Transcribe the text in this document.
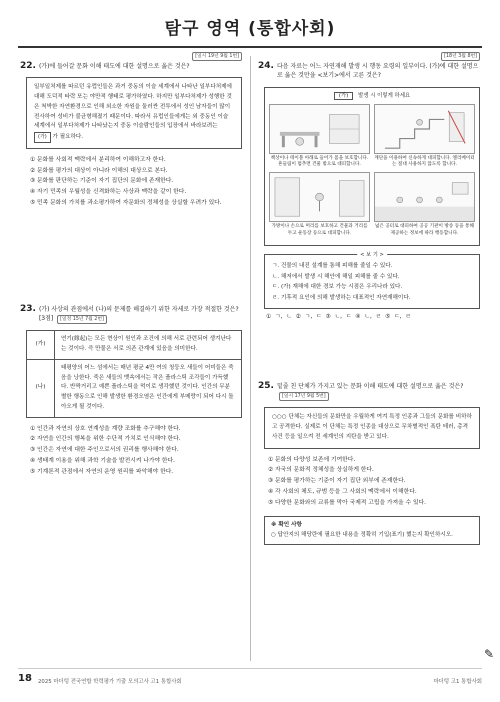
탐구 영역 (통합사회)
[일시 19년 9월 1번]
22. (가)에 들어갈 문화 이해 태도에 대한 설명으로 옳은 것은?
일부일처제를 따르던 유럽인들은 과거 중동의 이슬 세계에서 나타난 일부다처제에 대해 도덕적 타락 또는 야만적 행태로 평가하였다. 하지만 일부다처제가 성행한 것은 척박한 자연환경으로 인해 외소한 자원을 둘러싼 전투에서 성인 남자들이 많이 전사하여 성비가 불균형해졌기 때문이다. 따라서 유럽인들에게는 외 중동인 이슬 세계에서 일부다처제가 나타났는지 중동 이슬람인들의 입장에서 바라보려는 (가) 가 필요하다.
① 문화를 사회적 맥락에서 분리하여 이해하고자 한다.
② 문화를 평가의 대상이 아니라 이해의 대상으로 본다.
③ 문화를 판단하는 기준이 자기 집단의 문화에 존재한다.
④ 자기 민족의 우월성을 신격화하는 사상과 맥락을 같이 한다.
⑤ 민족 문화의 가치를 과소평가하여 자문화의 정체성을 상실할 우려가 있다.
23. (가) 사상의 관점에서 (나)의 문제를 해결하기 위한 자세로 가장 적절한 것은? [3점] [일정 15년 7월 2번]
(가)	연기(緣起)는 모든 현상이 원인과 조건에 의해 서로 관련되어 생겨난다는 것이다. 즉 만물은 서로 의존 관계에 있음을 의미한다.
(나)	태평양의 어느 섬에서는 매년 평균 4만 여의 청둥오 새들이 어미들은 죽음을 낭한다. 죽은 새들의 뱃속에서는 작은 플라스틱 조각들이 가득했다. 반짝거리고 예쁜 플라스틱을 먹이로 생각했던 것이다. 인간의 무분별한 행동으로 인해 발생한 환경오염은 인간에게 부메랑이 되어 다시 돌아오게 될 것이다.
① 인간과 자연의 상호 연계성을 계량 조화를 추구해야 한다.
② 자연을 인간의 행복을 위한 수단적 가치로 인식해야 한다.
③ 인간은 자연에 대한 주인으로서의 권리를 행사해야 한다.
④ 생태계 이용을 위해 과학 기술을 발전시켜 나가야 한다.
⑤ 기계론적 관점에서 자연의 운영 원리를 파악해야 한다.
[18년 3월 8번]
24. 다음 자료는 어느 자연재해 발생 시 행동 요령의 일부이다. (가)에 대한 설명으로 옳은 것만을 <보기>에서 고른 것은?
(가) 발생 시 이렇게 하세요
책상이나 테이블 아래로 들어가 몸을 보호합니다. 흔들림이 멈추면 건물 밖으로 대피합니다.
계단을 이용하여 신속하게 대피합니다. 엘리베이터는 절대 사용하지 않도록 합니다.
가방이나 손으로 머리를 보호하고 건물과 거리를 두고 운동장 등으로 대피합니다.
넓은 공터로 대피하여 공공 기관이 방송 등을 통해 제공하는 정보에 따라 행동합니다.
< 보 기 >
ㄱ. 건물의 내진 설계를 통해 피해를 줄일 수 있다.
ㄴ. 해저에서 발생 시 해안에 해일 피해를 줄 수 있다.
ㄷ. (가) 재해에 대한 경보 가능 시점은 우리나라 있다.
ㄹ. 기후적 요인에 의해 발생하는 대표적인 자연재해이다.
① ㄱ, ㄴ ② ㄱ, ㄷ ③ ㄴ, ㄷ ④ ㄴ, ㄹ ⑤ ㄷ, ㄹ
25. 밑줄 친 단체가 가지고 있는 문화 이해 태도에 대한 설명으로 옳은 것은? [일시 17년 9월 5번]
○○○ 단체는 자신들의 문화만을 우월하게 여겨 특정 인종과 그들의 문화를 비하하고 공격한다. 실제로 이 단체는 특정 인종을 대상으로 무차별적인 폭탄 테러, 총격 사건 등을 일으켜 전 세계인의 지탄을 받고 있다.
① 문화의 다양성 보존에 기여한다.
② 자국의 문화적 정체성을 상실하게 한다.
③ 문화를 평가하는 기준이 자기 집단 외부에 존재한다.
④ 각 사회의 체도, 규범 등을 그 사회의 맥락에서 이해한다.
⑤ 다양한 문화와의 교류를 막아 국제적 고립을 가져올 수 있다.
※ 확인 사항
○ 답안지의 해당란에 필요한 내용을 정확히 기입(표기) 했는지 확인하시오.
✎
18 2025 마더텅 전국연합 학력평가 기출 모의고사 고1 통합사회	마더텅 고1 통합사회
